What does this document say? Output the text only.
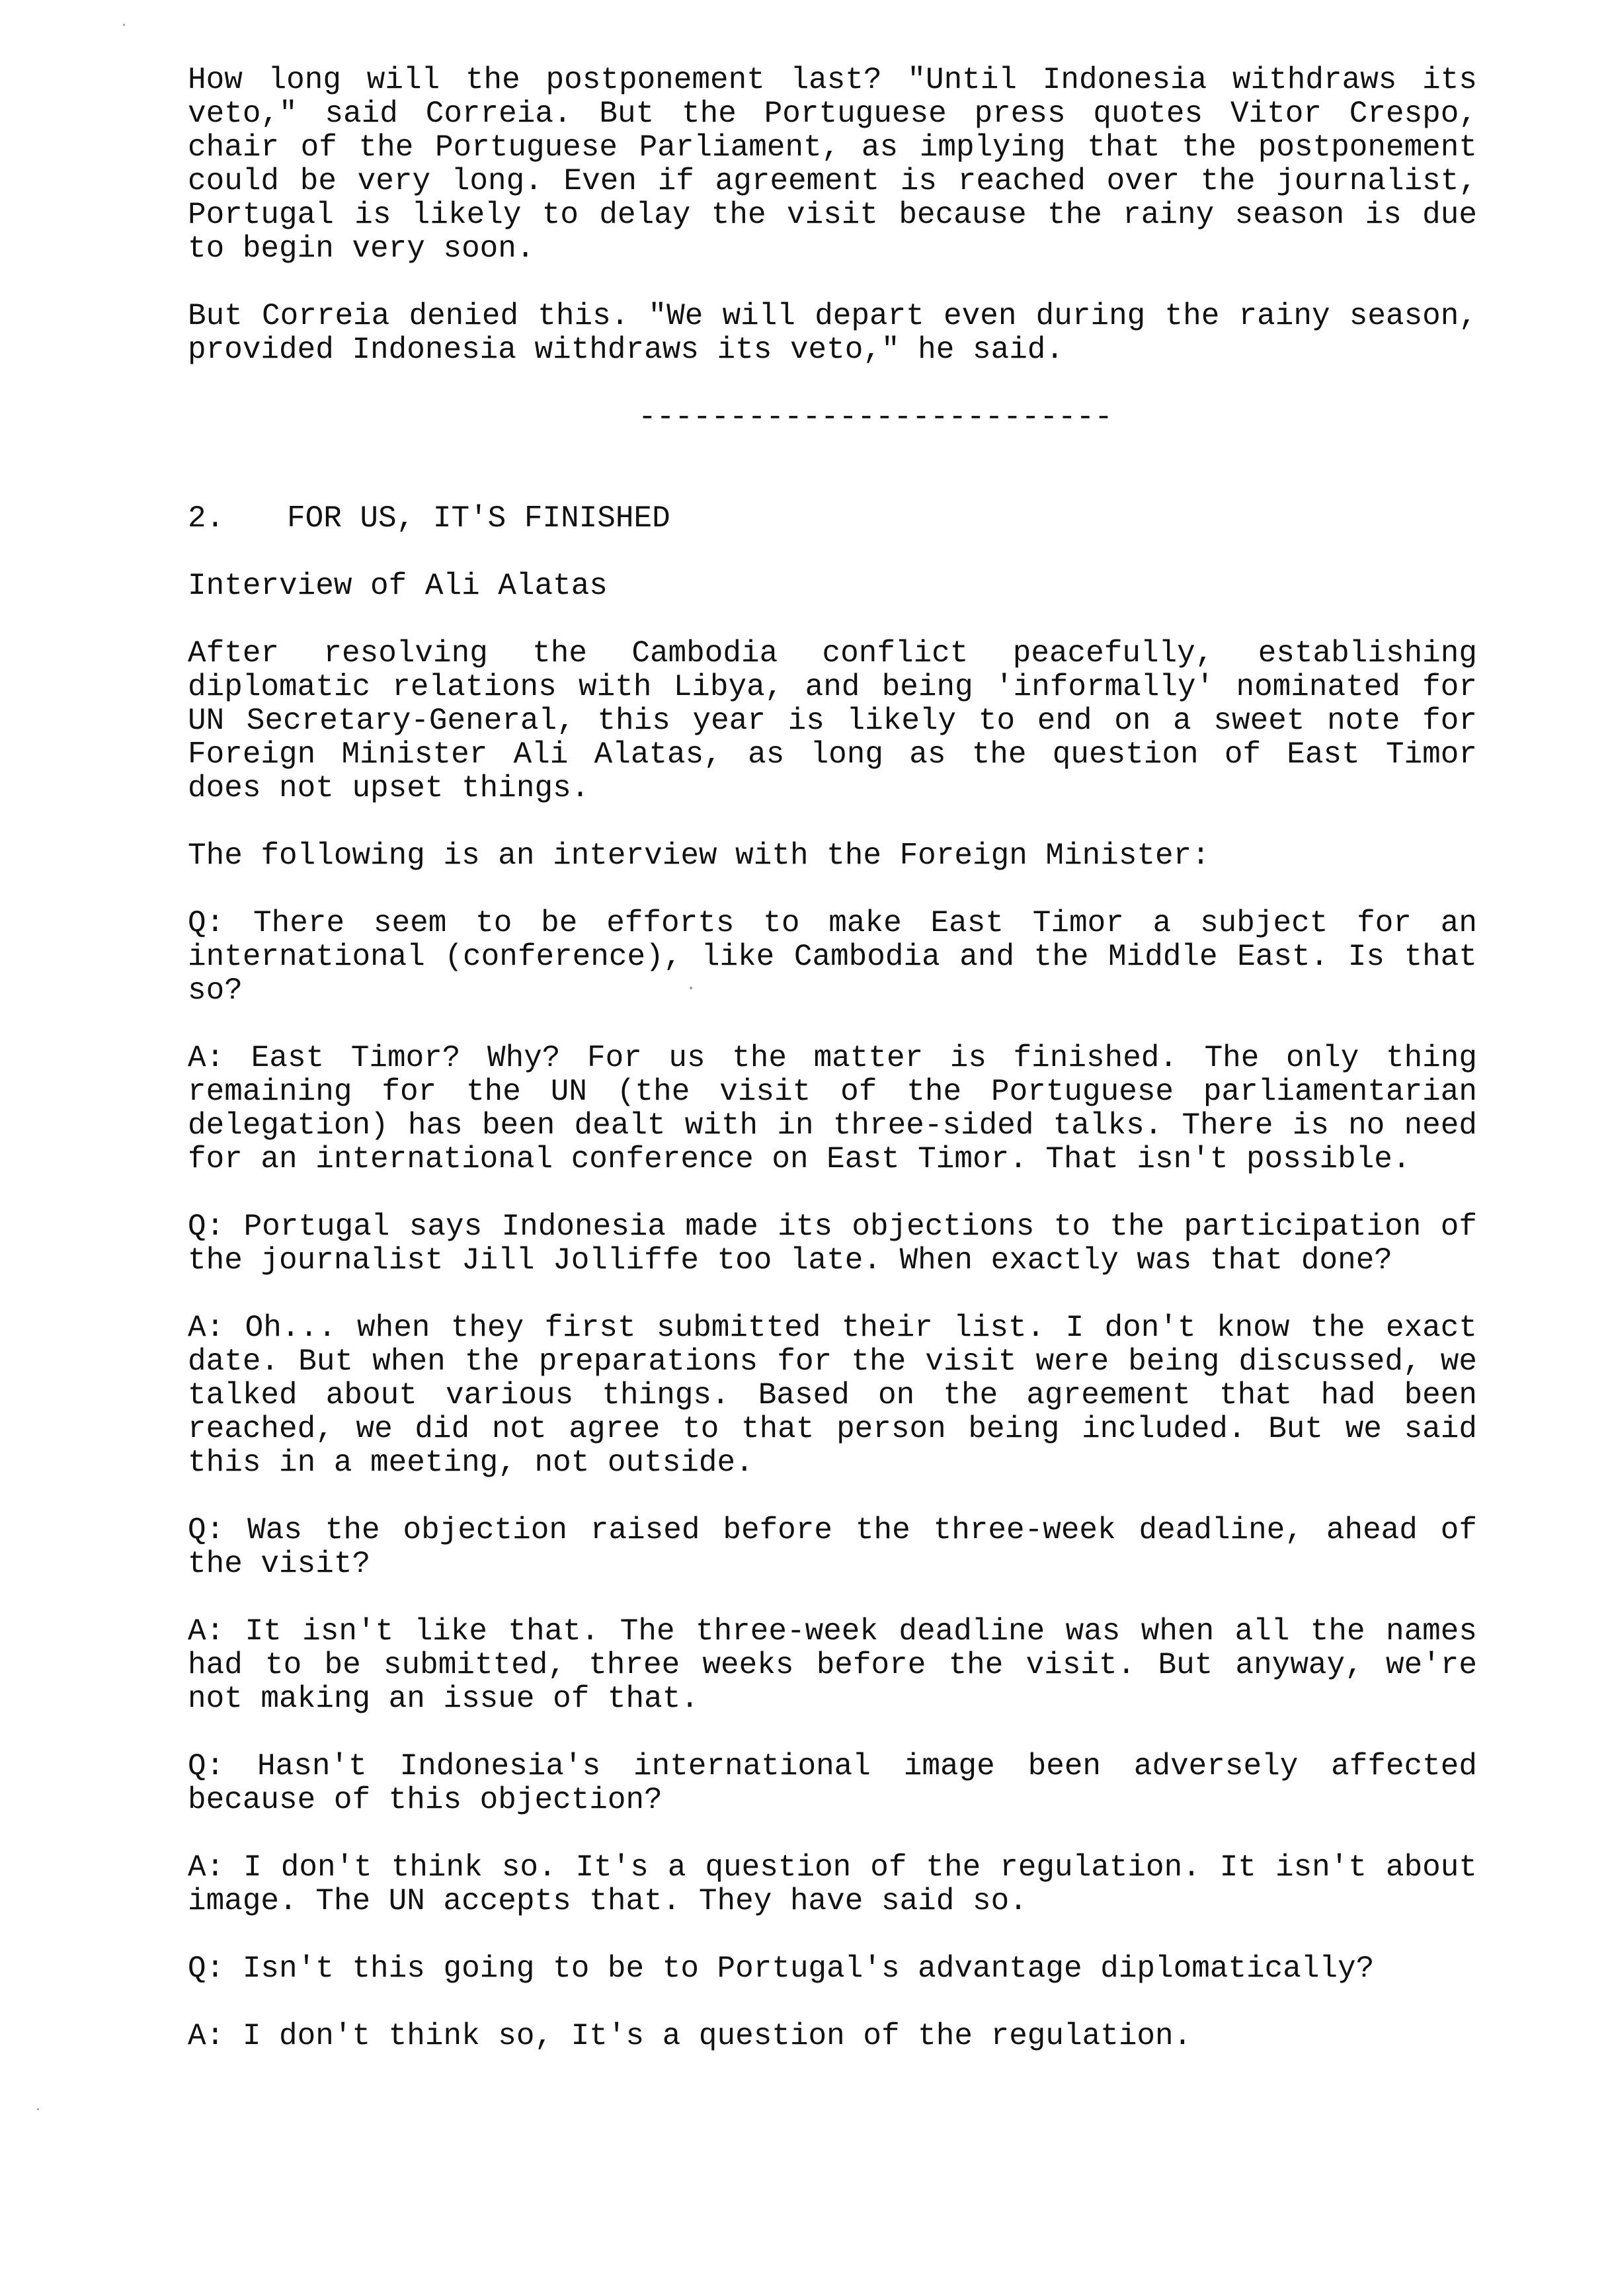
How long will the postponement last? "Until Indonesia withdraws its veto," said Correia. But the Portuguese press quotes Vitor Crespo, chair of the Portuguese Parliament, as implying that the postponement could be very long. Even if agreement is reached over the journalist, Portugal is likely to delay the visit because the rainy season is due to begin very soon.

But Correia denied this. "We will depart even during the rainy season, provided Indonesia withdraws its veto," he said.

--------------------------
2. FOR US, IT'S FINISHED

Interview of Ali Alatas

After resolving the Cambodia conflict peacefully, establishing diplomatic relations with Libya, and being 'informally' nominated for UN Secretary-General, this year is likely to end on a sweet note for Foreign Minister Ali Alatas, as long as the question of East Timor does not upset things.

The following is an interview with the Foreign Minister:

Q: There seem to be efforts to make East Timor a subject for an international (conference), like Cambodia and the Middle East. Is that so?

A: East Timor? Why? For us the matter is finished. The only thing remaining for the UN (the visit of the Portuguese parliamentarian delegation) has been dealt with in three-sided talks. There is no need for an international conference on East Timor. That isn't possible.

Q: Portugal says Indonesia made its objections to the participation of the journalist Jill Jolliffe too late. When exactly was that done?

A: Oh... when they first submitted their list. I don't know the exact date. But when the preparations for the visit were being discussed, we talked about various things. Based on the agreement that had been reached, we did not agree to that person being included. But we said this in a meeting, not outside.

Q: Was the objection raised before the three-week deadline, ahead of the visit?

A: It isn't like that. The three-week deadline was when all the names had to be submitted, three weeks before the visit. But anyway, we're not making an issue of that.

Q: Hasn't Indonesia's international image been adversely affected because of this objection?

A: I don't think so. It's a question of the regulation. It isn't about image. The UN accepts that. They have said so.

Q: Isn't this going to be to Portugal's advantage diplomatically?

A: I don't think so, It's a question of the regulation.
